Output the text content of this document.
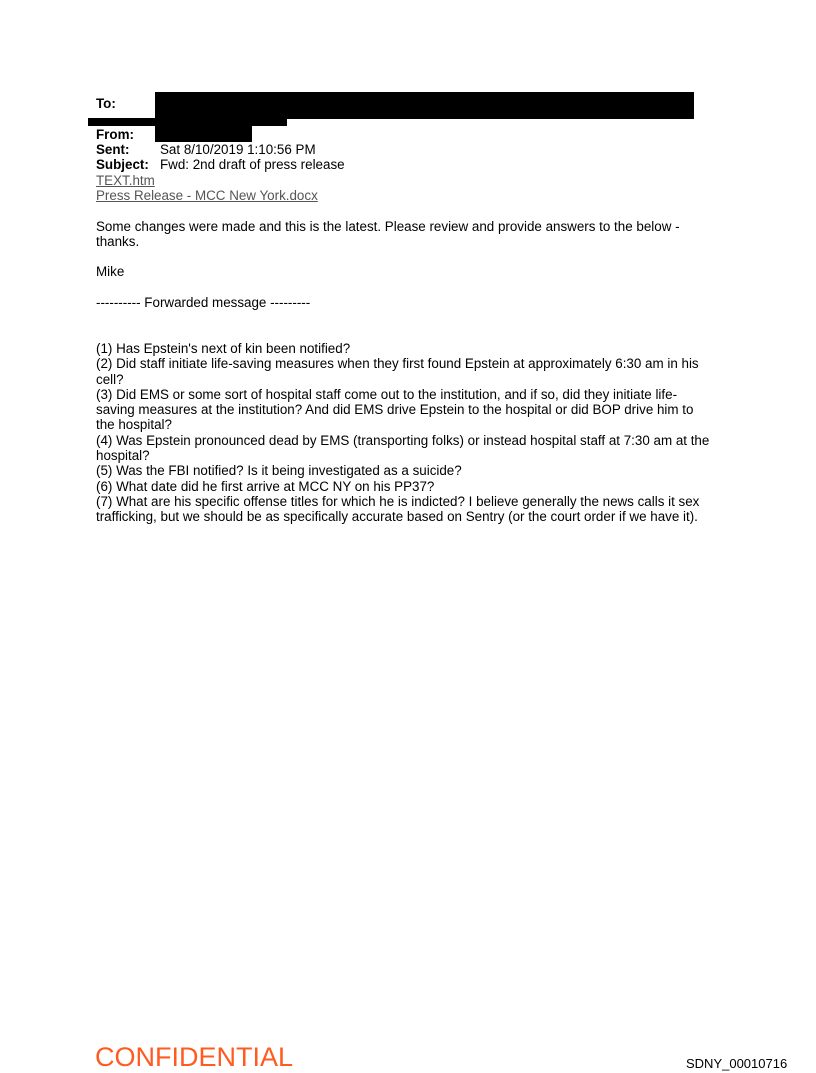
To:
From:
Sent: Sat 8/10/2019 1:10:56 PM
Subject: Fwd: 2nd draft of press release
TEXT.htm
Press Release - MCC New York.docx
Some changes were made and this is the latest. Please review and provide answers to the below -
thanks.
Mike
---------- Forwarded message ---------
(1) Has Epstein's next of kin been notified?
(2) Did staff initiate life-saving measures when they first found Epstein at approximately 6:30 am in his
cell?
(3) Did EMS or some sort of hospital staff come out to the institution, and if so, did they initiate life-
saving measures at the institution? And did EMS drive Epstein to the hospital or did BOP drive him to
the hospital?
(4) Was Epstein pronounced dead by EMS (transporting folks) or instead hospital staff at 7:30 am at the
hospital?
(5) Was the FBI notified? Is it being investigated as a suicide?
(6) What date did he first arrive at MCC NY on his PP37?
(7) What are his specific offense titles for which he is indicted? I believe generally the news calls it sex
trafficking, but we should be as specifically accurate based on Sentry (or the court order if we have it).
CONFIDENTIAL	SDNY_00010716
